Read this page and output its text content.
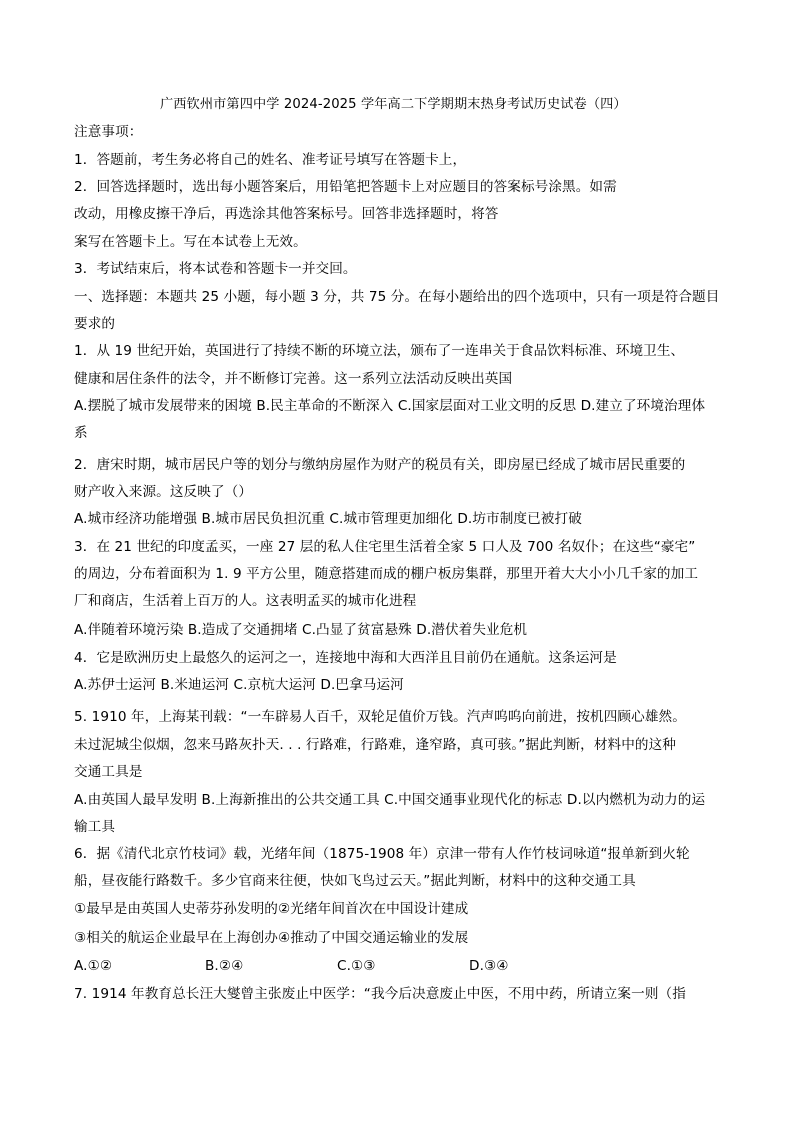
广西钦州市第四中学 2024-2025 学年高二下学期期末热身考试历史试卷（四）
注意事项：
1．答题前，考生务必将自己的姓名、准考证号填写在答题卡上，
2．回答选择题时，选出每小题答案后，用铅笔把答题卡上对应题目的答案标号涂黑。如需
改动，用橡皮擦干净后，再选涂其他答案标号。回答非选择题时，将答
案写在答题卡上。写在本试卷上无效。
3．考试结束后，将本试卷和答题卡一并交回。
一、选择题：本题共 25 小题，每小题 3 分，共 75 分。在每小题给出的四个选项中，只有一项是符合题目
要求的
1．从 19 世纪开始，英国进行了持续不断的环境立法，颁布了一连串关于食品饮料标准、环境卫生、
健康和居住条件的法令，并不断修订完善。这一系列立法活动反映出英国
A.摆脱了城市发展带来的困境 B.民主革命的不断深入 C.国家层面对工业文明的反思 D.建立了环境治理体
系
2．唐宋时期，城市居民户等的划分与缴纳房屋作为财产的税员有关，即房屋已经成了城市居民重要的
财产收入来源。这反映了（）
A.城市经济功能增强 B.城市居民负担沉重 C.城市管理更加细化 D.坊市制度已被打破
3．在 21 世纪的印度孟买，一座 27 层的私人住宅里生活着全家 5 口人及 700 名奴仆；在这些“豪宅”
的周边，分布着面积为 1. 9 平方公里，随意搭建而成的棚户板房集群，那里开着大大小小几千家的加工
厂和商店，生活着上百万的人。这表明孟买的城市化进程
A.伴随着环境污染 B.造成了交通拥堵 C.凸显了贫富悬殊 D.潜伏着失业危机
4．它是欧洲历史上最悠久的运河之一，连接地中海和大西洋且目前仍在通航。这条运河是
A.苏伊士运河 B.米迪运河 C.京杭大运河 D.巴拿马运河
5. 1910 年，上海某刊载：“一车辟易人百千，双轮足值价万钱。汽声呜呜向前进，按机四顾心雄然。
未过泥城尘似烟，忽来马路灰扑天. . . 行路难，行路难，逢窄路，真可骇。”据此判断，材料中的这种
交通工具是
A.由英国人最早发明 B.上海新推出的公共交通工具 C.中国交通事业现代化的标志 D.以内燃机为动力的运
输工具
6．据《清代北京竹枝词》载，光绪年间（1875-1908 年）京津一带有人作竹枝词咏道“报单新到火轮
船，昼夜能行路数千。多少官商来往便，快如飞鸟过云天。”据此判断，材料中的这种交通工具
①最早是由英国人史蒂芬孙发明的②光绪年间首次在中国设计建成
③相关的航运企业最早在上海创办④推动了中国交通运输业的发展
A.①②	B.②④	C.①③	D.③④
7. 1914 年教育总长汪大燮曾主张废止中医学：“我今后决意废止中医，不用中药，所请立案一则（指
